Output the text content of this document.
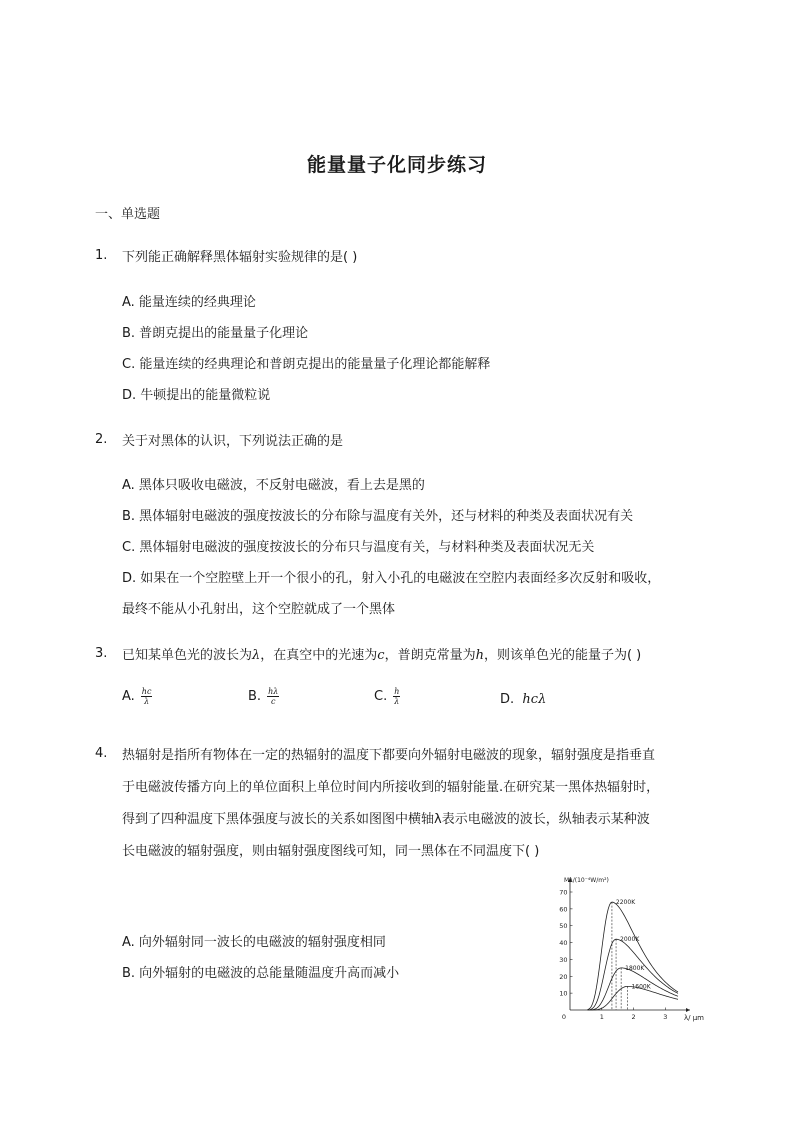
能量量子化同步练习
一、单选题
1. 下列能正确解释黑体辐射实验规律的是( )
A. 能量连续的经典理论
B. 普朗克提出的能量量子化理论
C. 能量连续的经典理论和普朗克提出的能量量子化理论都能解释
D. 牛顿提出的能量微粒说
2. 关于对黑体的认识，下列说法正确的是
A. 黑体只吸收电磁波，不反射电磁波，看上去是黑的
B. 黑体辐射电磁波的强度按波长的分布除与温度有关外，还与材料的种类及表面状况有关
C. 黑体辐射电磁波的强度按波长的分布只与温度有关，与材料种类及表面状况无关
D. 如果在一个空腔壁上开一个很小的孔，射入小孔的电磁波在空腔内表面经多次反射和吸收，
最终不能从小孔射出，这个空腔就成了一个黑体
3. 已知某单色光的波长为λ，在真空中的光速为c，普朗克常量为h，则该单色光的能量子为( )
A. $\frac{hc}{\lambda}$	B. $\frac{h\lambda}{c}$	C. $\frac{h}{\lambda}$	D. hcλ
4. 热辐射是指所有物体在一定的热辐射的温度下都要向外辐射电磁波的现象，辐射强度是指垂直
于电磁波传播方向上的单位面积上单位时间内所接收到的辐射能量.在研究某一黑体热辐射时，
得到了四种温度下黑体强度与波长的关系如图图中横轴λ表示电磁波的波长，纵轴表示某种波
长电磁波的辐射强度，则由辐射强度图线可知，同一黑体在不同温度下( )
A. 向外辐射同一波长的电磁波的辐射强度相同
B. 向外辐射的电磁波的总能量随温度升高而减小
10
20
30
40
50
60
70
1	2	3
0
Mλ/(10⁻⁴W/m²)
λ/ μm
2200K
2000K
1800K
1600K
